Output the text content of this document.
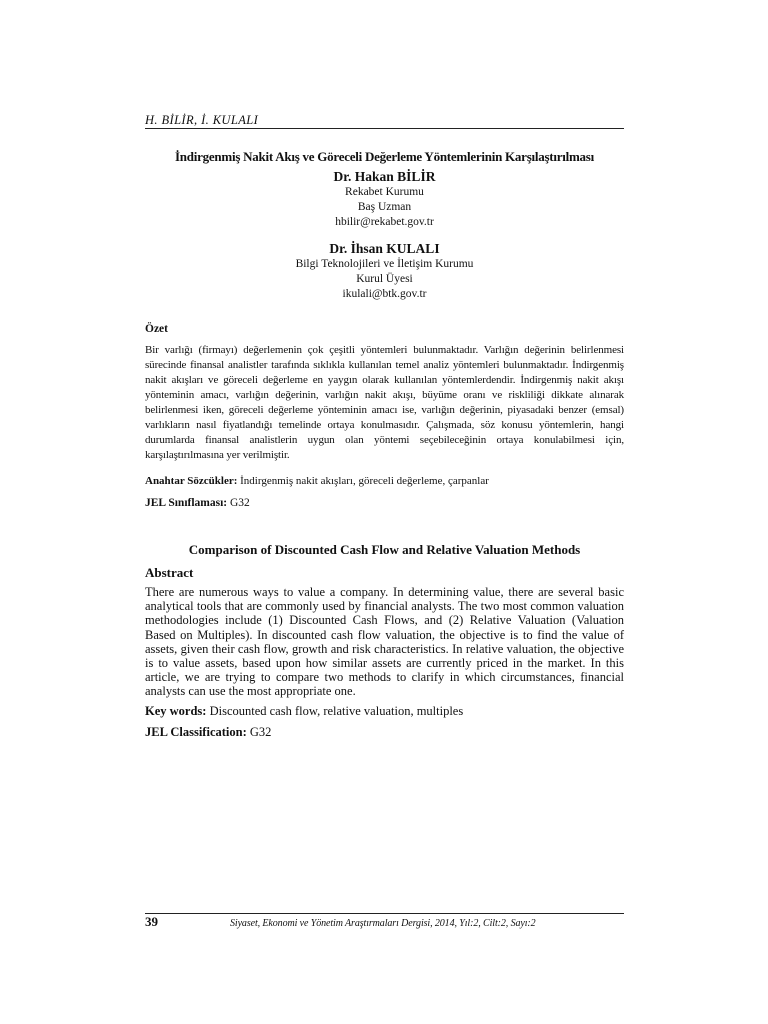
H. BİLİR, İ. KULALI
İndirgenmiş Nakit Akış ve Göreceli Değerleme Yöntemlerinin Karşılaştırılması
Dr. Hakan BİLİR
Rekabet Kurumu
Baş Uzman
hbilir@rekabet.gov.tr
Dr. İhsan KULALI
Bilgi Teknolojileri ve İletişim Kurumu
Kurul Üyesi
ikulali@btk.gov.tr
Özet
Bir varlığı (firmayı) değerlemenin çok çeşitli yöntemleri bulunmaktadır. Varlığın değerinin belirlenmesi sürecinde finansal analistler tarafında sıklıkla kullanılan temel analiz yöntemleri bulunmaktadır. İndirgenmiş nakit akışları ve göreceli değerleme en yaygın olarak kullanılan yöntemlerdendir. İndirgenmiş nakit akışı yönteminin amacı, varlığın değerinin, varlığın nakit akışı, büyüme oranı ve riskliliği dikkate alınarak belirlenmesi iken, göreceli değerleme yönteminin amacı ise, varlığın değerinin, piyasadaki benzer (emsal) varlıkların nasıl fiyatlandığı temelinde ortaya konulmasıdır. Çalışmada, söz konusu yöntemlerin, hangi durumlarda finansal analistlerin uygun olan yöntemi seçebileceğinin ortaya konulabilmesi için, karşılaştırılmasına yer verilmiştir.
Anahtar Sözcükler: İndirgenmiş nakit akışları, göreceli değerleme, çarpanlar
JEL Sınıflaması: G32
Comparison of Discounted Cash Flow and Relative Valuation Methods
Abstract
There are numerous ways to value a company. In determining value, there are several basic analytical tools that are commonly used by financial analysts. The two most common valuation methodologies include (1) Discounted Cash Flows, and (2) Relative Valuation (Valuation Based on Multiples). In discounted cash flow valuation, the objective is to find the value of assets, given their cash flow, growth and risk characteristics. In relative valuation, the objective is to value assets, based upon how similar assets are currently priced in the market. In this article, we are trying to compare two methods to clarify in which circumstances, financial analysts can use the most appropriate one.
Key words: Discounted cash flow, relative valuation, multiples
JEL Classification: G32
39	Siyaset, Ekonomi ve Yönetim Araştırmaları Dergisi, 2014, Yıl:2, Cilt:2, Sayı:2
